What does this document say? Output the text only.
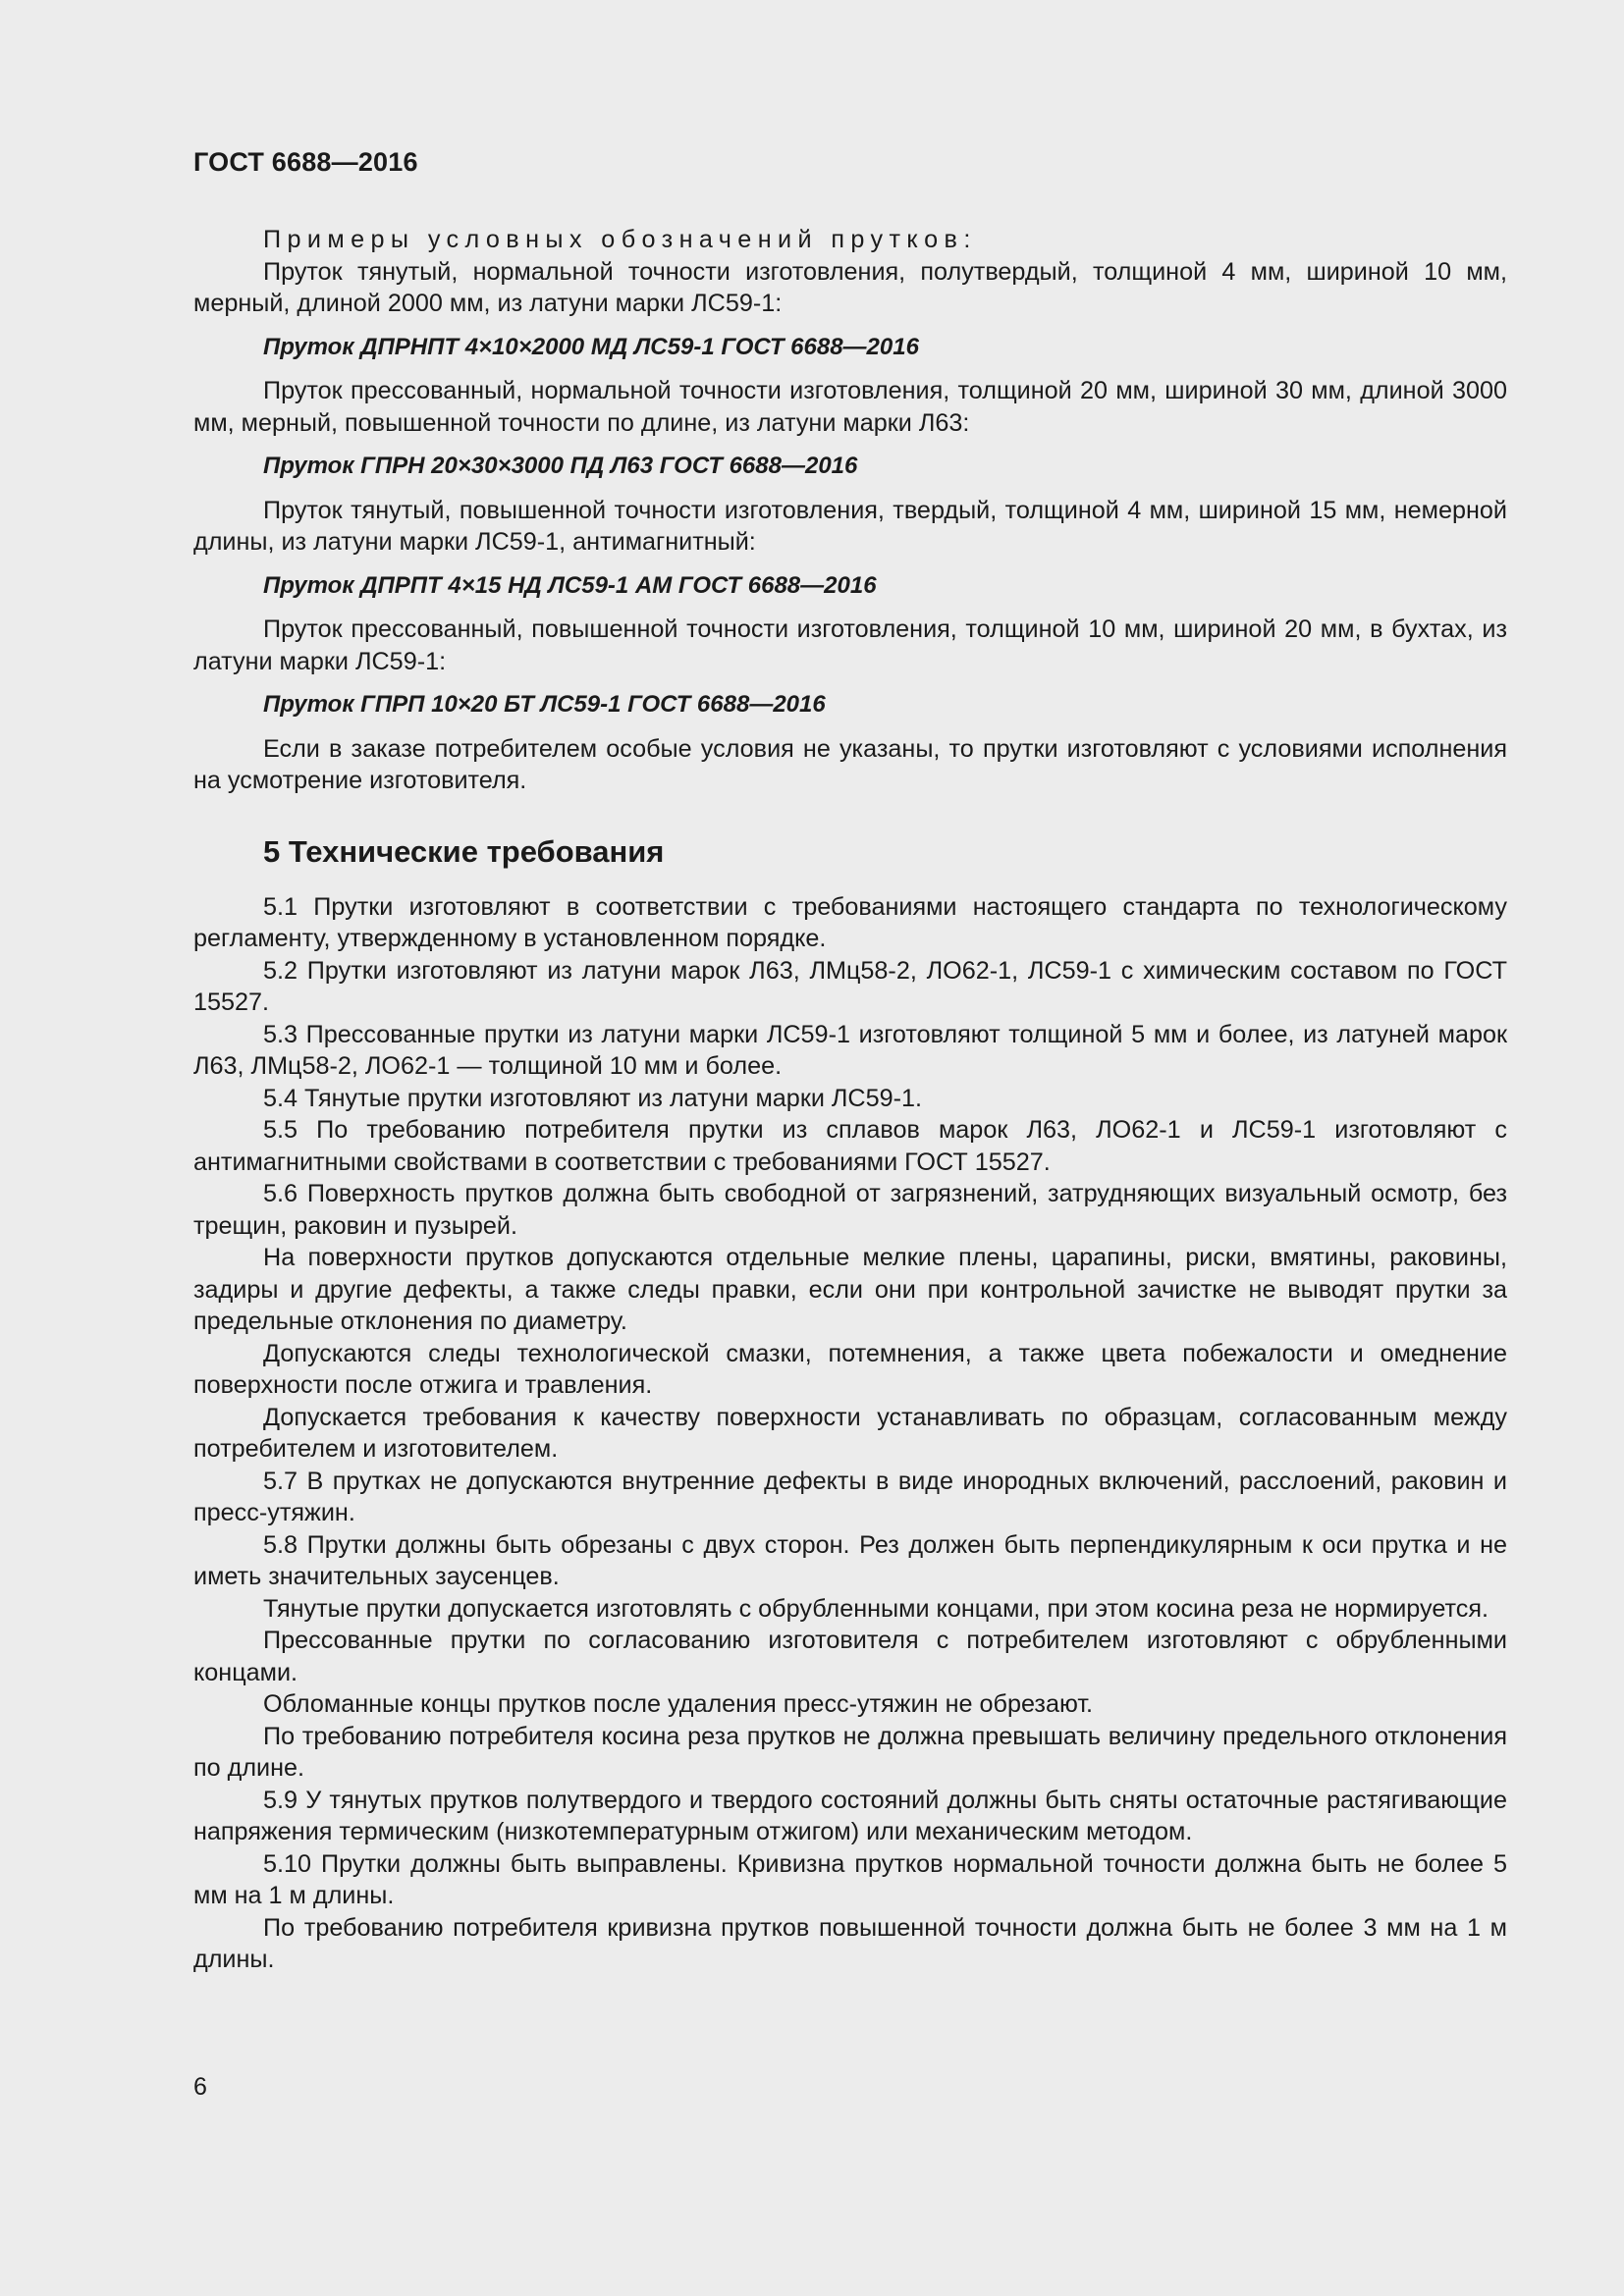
ГОСТ 6688—2016

Примеры условных обозначений прутков:

Пруток тянутый, нормальной точности изготовления, полутвердый, толщиной 4 мм, шириной 10 мм, мерный, длиной 2000 мм, из латуни марки ЛС59-1:

Пруток ДПРНПТ 4×10×2000 МД ЛС59-1 ГОСТ 6688—2016

Пруток прессованный, нормальной точности изготовления, толщиной 20 мм, шириной 30 мм, длиной 3000 мм, мерный, повышенной точности по длине, из латуни марки Л63:

Пруток ГПРН 20×30×3000 ПД Л63 ГОСТ 6688—2016

Пруток тянутый, повышенной точности изготовления, твердый, толщиной 4 мм, шириной 15 мм, немерной длины, из латуни марки ЛС59-1, антимагнитный:

Пруток ДПРПТ 4×15 НД ЛС59-1 АМ ГОСТ 6688—2016

Пруток прессованный, повышенной точности изготовления, толщиной 10 мм, шириной 20 мм, в бухтах, из латуни марки ЛС59-1:

Пруток ГПРП 10×20 БТ ЛС59-1 ГОСТ 6688—2016

Если в заказе потребителем особые условия не указаны, то прутки изготовляют с условиями исполнения на усмотрение изготовителя.

5 Технические требования

5.1 Прутки изготовляют в соответствии с требованиями настоящего стандарта по технологическому регламенту, утвержденному в установленном порядке.

5.2 Прутки изготовляют из латуни марок Л63, ЛМц58-2, ЛО62-1, ЛС59-1 с химическим составом по ГОСТ 15527.

5.3 Прессованные прутки из латуни марки ЛС59-1 изготовляют толщиной 5 мм и более, из латуней марок Л63, ЛМц58-2, ЛО62-1 — толщиной 10 мм и более.

5.4 Тянутые прутки изготовляют из латуни марки ЛС59-1.

5.5 По требованию потребителя прутки из сплавов марок Л63, ЛО62-1 и ЛС59-1 изготовляют с антимагнитными свойствами в соответствии с требованиями ГОСТ 15527.

5.6 Поверхность прутков должна быть свободной от загрязнений, затрудняющих визуальный осмотр, без трещин, раковин и пузырей.

На поверхности прутков допускаются отдельные мелкие плены, царапины, риски, вмятины, раковины, задиры и другие дефекты, а также следы правки, если они при контрольной зачистке не выводят прутки за предельные отклонения по диаметру.

Допускаются следы технологической смазки, потемнения, а также цвета побежалости и омеднение поверхности после отжига и травления.

Допускается требования к качеству поверхности устанавливать по образцам, согласованным между потребителем и изготовителем.

5.7 В прутках не допускаются внутренние дефекты в виде инородных включений, расслоений, раковин и пресс-утяжин.

5.8 Прутки должны быть обрезаны с двух сторон. Рез должен быть перпендикулярным к оси прутка и не иметь значительных заусенцев.

Тянутые прутки допускается изготовлять с обрубленными концами, при этом косина реза не нормируется.

Прессованные прутки по согласованию изготовителя с потребителем изготовляют с обрубленными концами.

Обломанные концы прутков после удаления пресс-утяжин не обрезают.

По требованию потребителя косина реза прутков не должна превышать величину предельного отклонения по длине.

5.9 У тянутых прутков полутвердого и твердого состояний должны быть сняты остаточные растягивающие напряжения термическим (низкотемпературным отжигом) или механическим методом.

5.10 Прутки должны быть выправлены. Кривизна прутков нормальной точности должна быть не более 5 мм на 1 м длины.

По требованию потребителя кривизна прутков повышенной точности должна быть не более 3 мм на 1 м длины.

6
